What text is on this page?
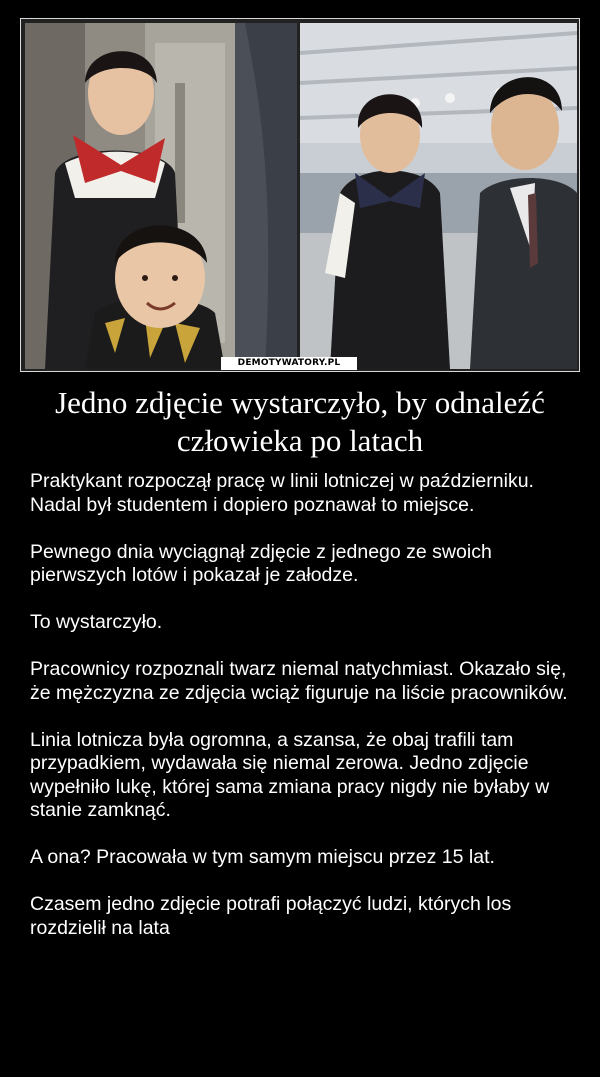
DEMOTYWATORY.PL
Jedno zdjęcie wystarczyło, by odnaleźć
człowieka po latach

Praktykant rozpoczął pracę w linii lotniczej w październiku. Nadal był studentem i dopiero poznawał to miejsce.

Pewnego dnia wyciągnął zdjęcie z jednego ze swoich pierwszych lotów i pokazał je załodze.

To wystarczyło.

Pracownicy rozpoznali twarz niemal natychmiast. Okazało się, że mężczyzna ze zdjęcia wciąż figuruje na liście pracowników.

Linia lotnicza była ogromna, a szansa, że obaj trafili tam przypadkiem, wydawała się niemal zerowa. Jedno zdjęcie wypełniło lukę, której sama zmiana pracy nigdy nie byłaby w stanie zamknąć.

A ona? Pracowała w tym samym miejscu przez 15 lat.

Czasem jedno zdjęcie potrafi połączyć ludzi, których los rozdzielił na lata
